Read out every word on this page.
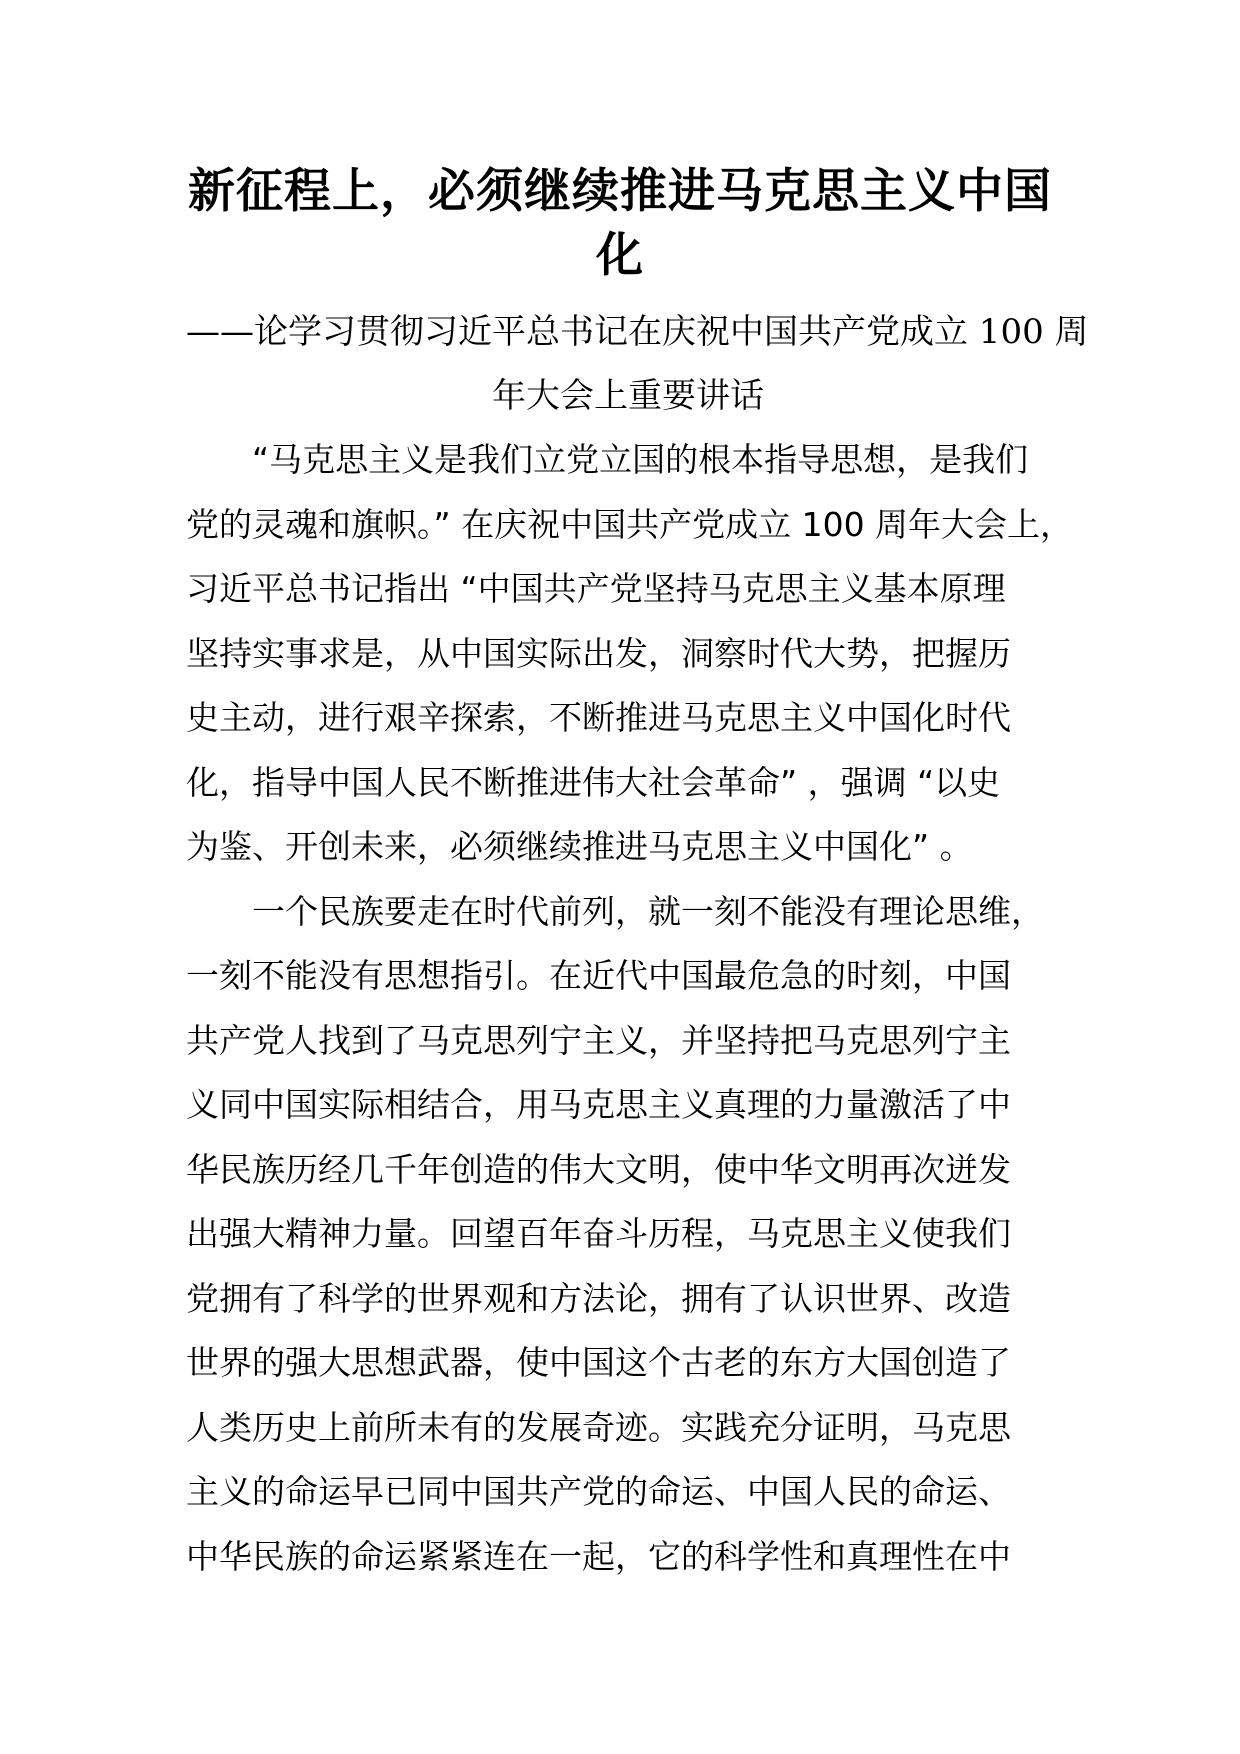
新征程上，必须继续推进马克思主义中国
化
——论学习贯彻习近平总书记在庆祝中国共产党成立 100 周
年大会上重要讲话
“马克思主义是我们立党立国的根本指导思想，是我们
党的灵魂和旗帜。” 在庆祝中国共产党成立 100 周年大会上，
习近平总书记指出 “中国共产党坚持马克思主义基本原理
坚持实事求是，从中国实际出发，洞察时代大势，把握历
史主动，进行艰辛探索，不断推进马克思主义中国化时代
化，指导中国人民不断推进伟大社会革命” ，强调 “以史
为鉴、开创未来，必须继续推进马克思主义中国化” 。
一个民族要走在时代前列，就一刻不能没有理论思维，
一刻不能没有思想指引。在近代中国最危急的时刻，中国
共产党人找到了马克思列宁主义，并坚持把马克思列宁主
义同中国实际相结合，用马克思主义真理的力量激活了中
华民族历经几千年创造的伟大文明，使中华文明再次迸发
出强大精神力量。回望百年奋斗历程，马克思主义使我们
党拥有了科学的世界观和方法论，拥有了认识世界、改造
世界的强大思想武器，使中国这个古老的东方大国创造了
人类历史上前所未有的发展奇迹。实践充分证明，马克思
主义的命运早已同中国共产党的命运、中国人民的命运、
中华民族的命运紧紧连在一起，它的科学性和真理性在中
